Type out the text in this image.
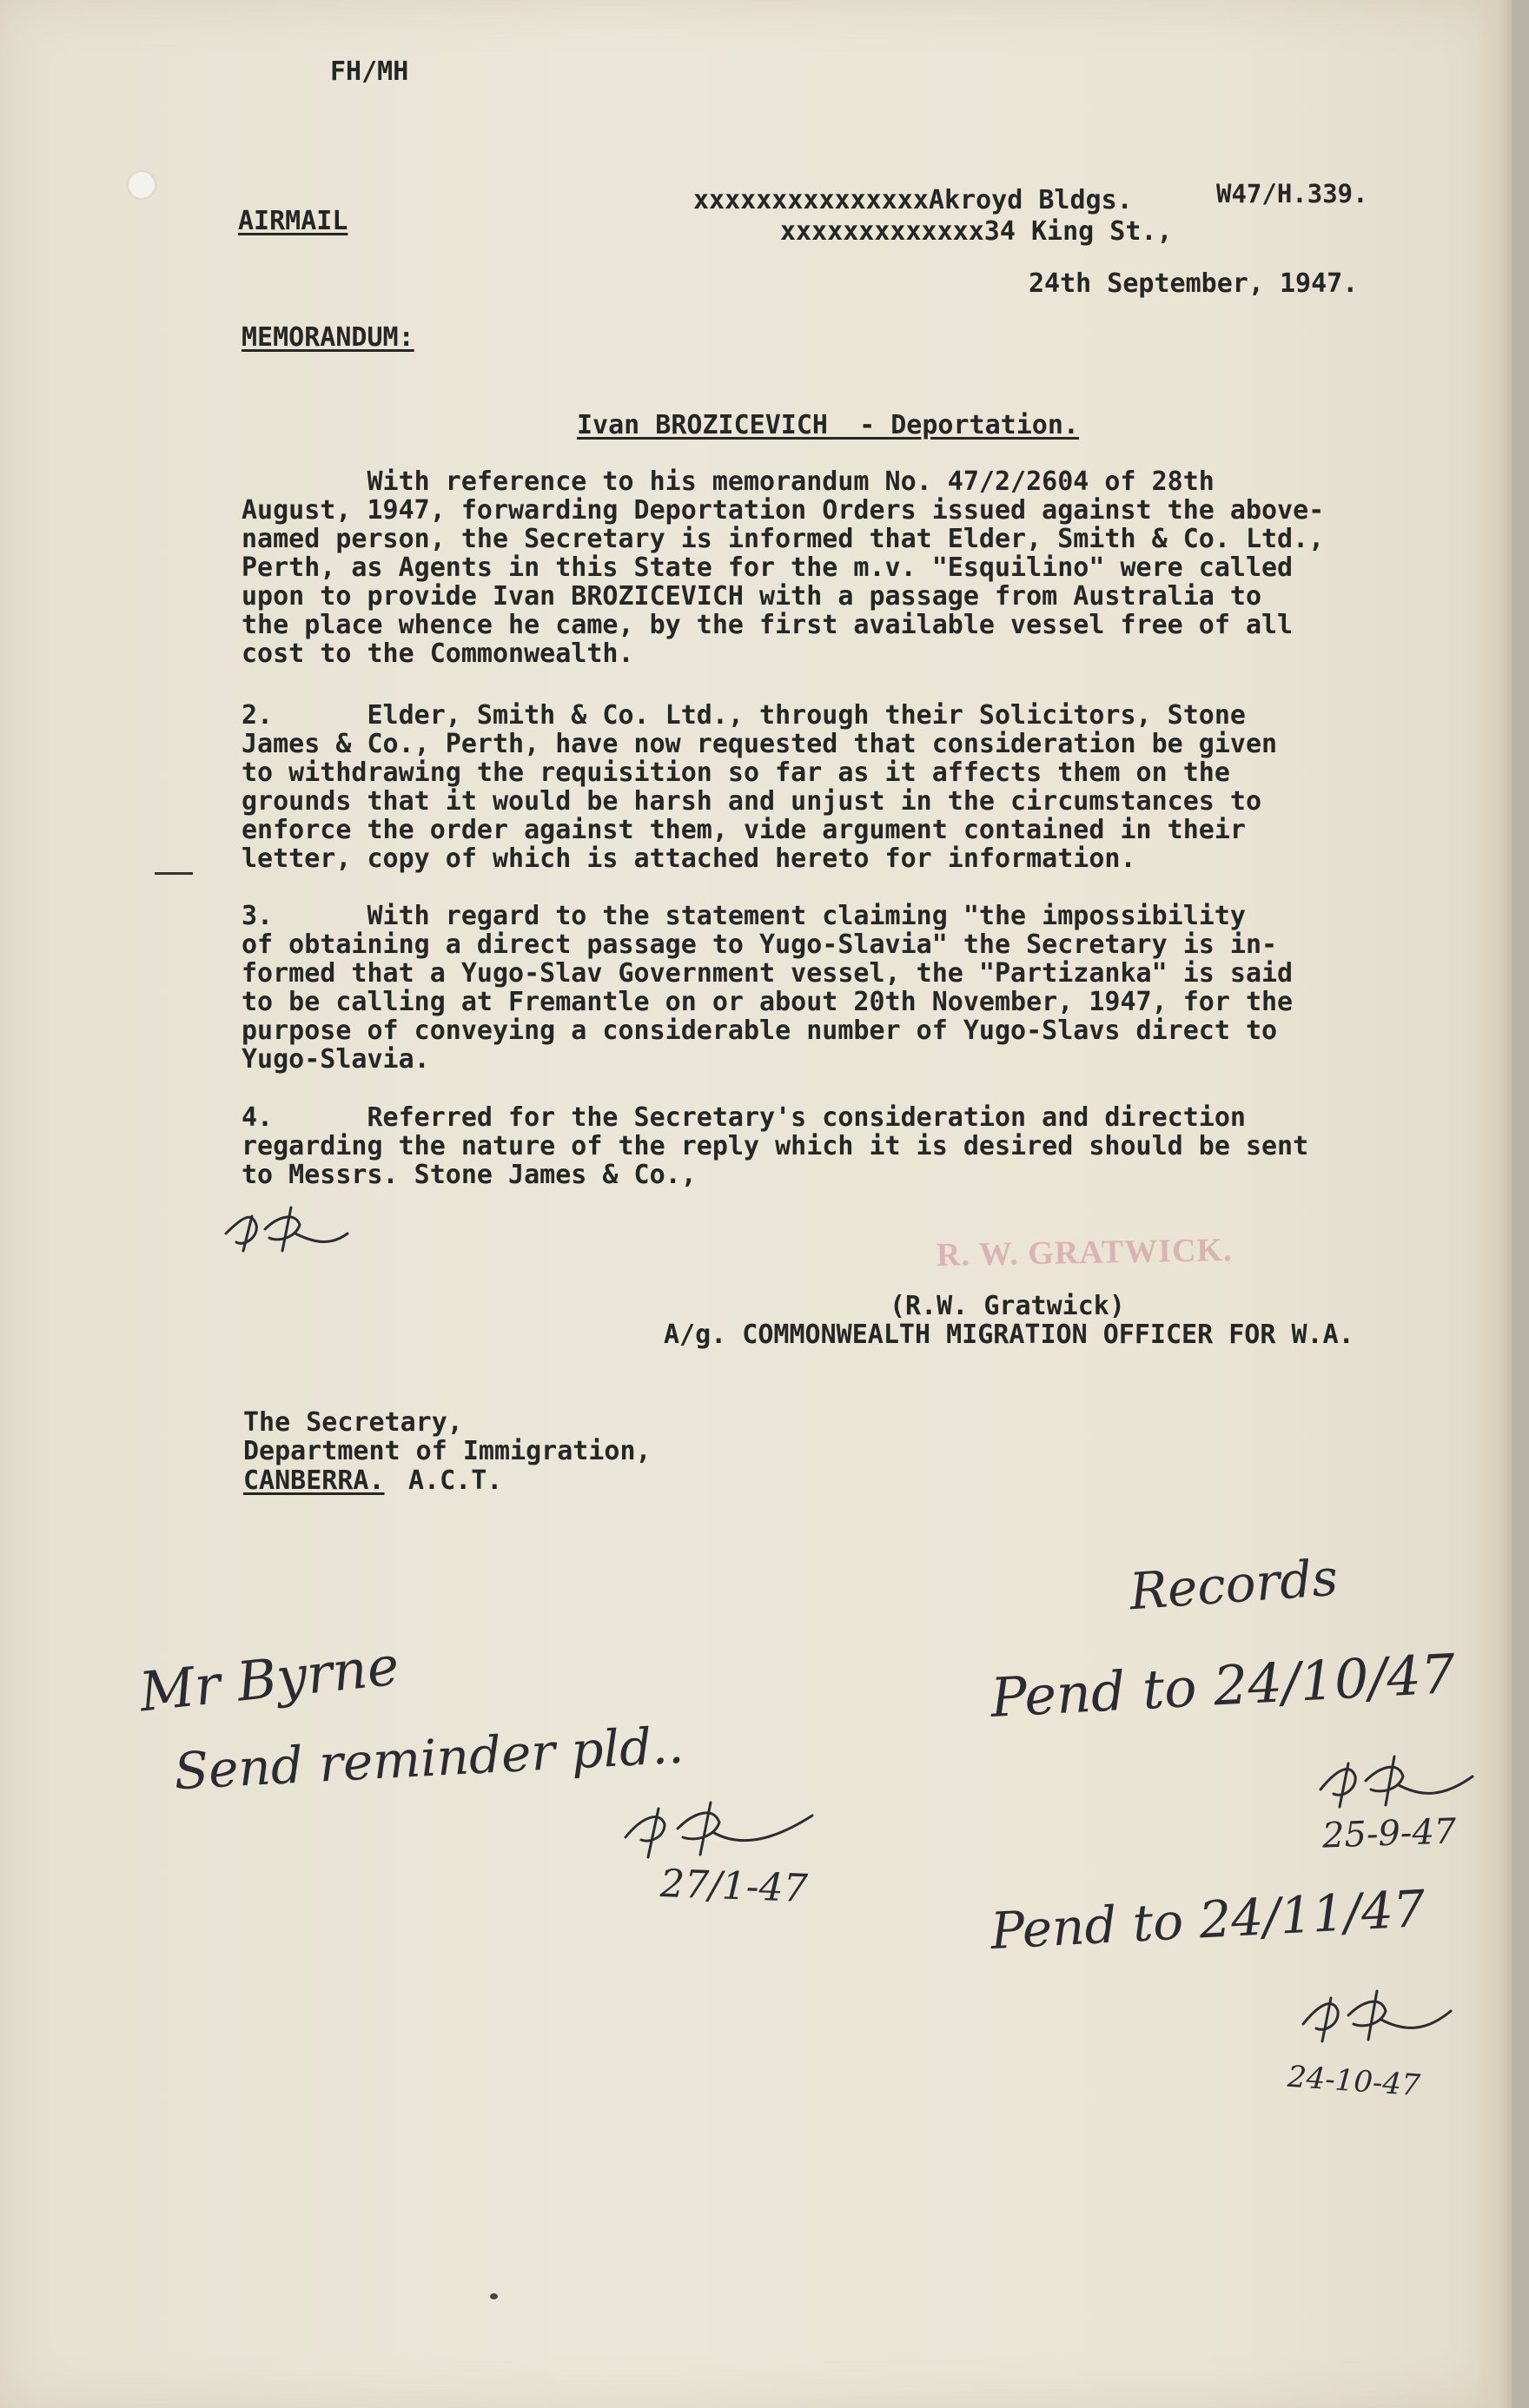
FH/MH
W47/H.339.
AIRMAIL
xxxxxxxxxxxxxxxAkroyd Bldgs.
xxxxxxxxxxxxx34 King St.,
24th September, 1947.
MEMORANDUM:
Ivan BROZICEVICH  - Deportation.
With reference to his memorandum No. 47/2/2604 of 28th
August, 1947, forwarding Deportation Orders issued against the above-
named person, the Secretary is informed that Elder, Smith & Co. Ltd.,
Perth, as Agents in this State for the m.v. "Esquilino" were called
upon to provide Ivan BROZICEVICH with a passage from Australia to
the place whence he came, by the first available vessel free of all
cost to the Commonwealth.
2.      Elder, Smith & Co. Ltd., through their Solicitors, Stone
James & Co., Perth, have now requested that consideration be given
to withdrawing the requisition so far as it affects them on the
grounds that it would be harsh and unjust in the circumstances to
enforce the order against them, vide argument contained in their
letter, copy of which is attached hereto for information.
3.      With regard to the statement claiming "the impossibility
of obtaining a direct passage to Yugo-Slavia" the Secretary is in-
formed that a Yugo-Slav Government vessel, the "Partizanka" is said
to be calling at Fremantle on or about 20th November, 1947, for the
purpose of conveying a considerable number of Yugo-Slavs direct to
Yugo-Slavia.
4.      Referred for the Secretary's consideration and direction
regarding the nature of the reply which it is desired should be sent
to Messrs. Stone James & Co.,
R. W. GRATWICK.
(R.W. Gratwick)
A/g. COMMONWEALTH MIGRATION OFFICER FOR W.A.
The Secretary,
Department of Immigration,
CANBERRA. A.C.T.
Records
Pend to 24/10/47
25-9-47
Pend to 24/11/47
24-10-47
Mr Byrne
Send reminder pld..
27/1-47
